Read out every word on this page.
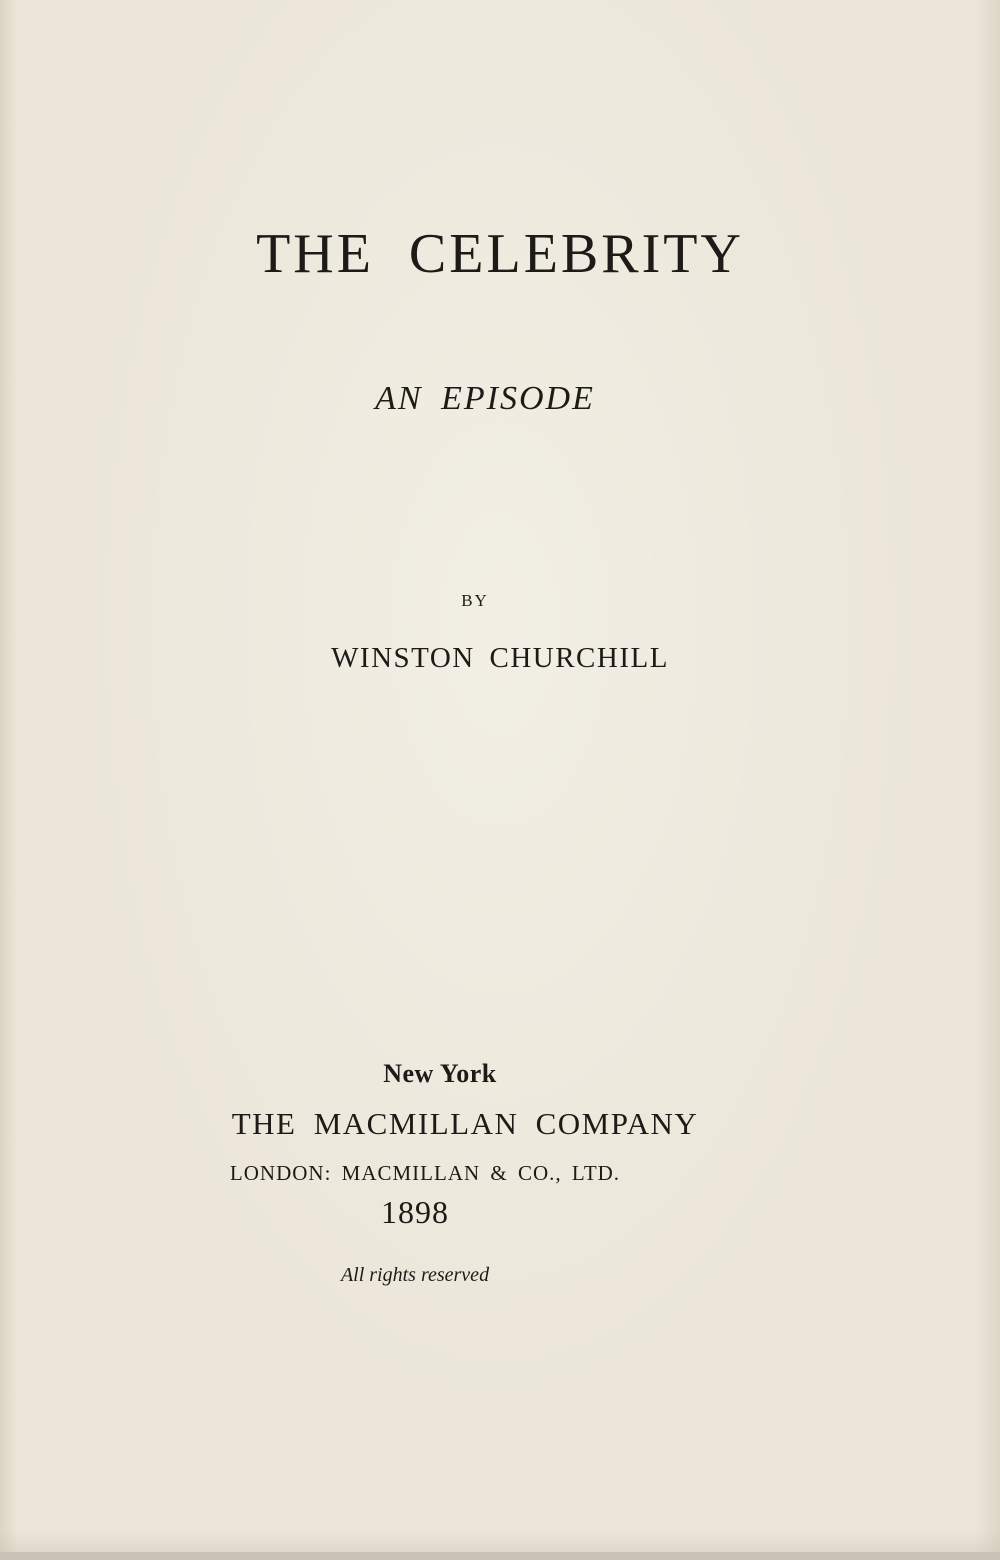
THE CELEBRITY
AN EPISODE
BY
WINSTON CHURCHILL
New York
THE MACMILLAN COMPANY
LONDON: MACMILLAN & CO., LTD.
1898
All rights reserved
